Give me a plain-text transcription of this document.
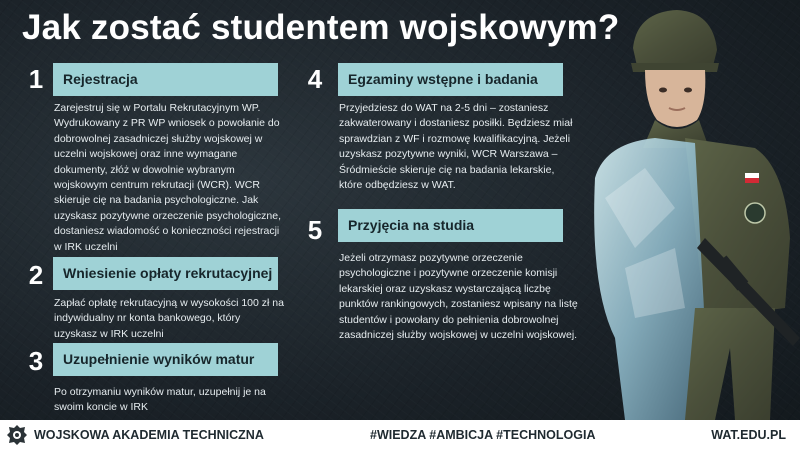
Jak zostać studentem wojskowym?
1	Rejestracja

Zarejestruj się w Portalu Rekrutacyjnym WP. Wydrukowany z PR WP wniosek o powołanie do dobrowolnej zasadniczej służby wojskowej w uczelni wojskowej oraz inne wymagane dokumenty, złóż w dowolnie wybranym wojskowym centrum rekrutacji (WCR). WCR skieruje cię na badania psychologiczne. Jak uzyskasz pozytywne orzeczenie psychologiczne, dostaniesz wiadomość o konieczności rejestracji w IRK uczelni

2	Wniesienie opłaty rekrutacyjnej

Zapłać opłatę rekrutacyjną w wysokości 100 zł na indywidualny nr konta bankowego, który uzyskasz w IRK uczelni

3	Uzupełnienie wyników matur

Po otrzymaniu wyników matur, uzupełnij je na swoim koncie w IRK

4	Egzaminy wstępne i badania

Przyjedziesz do WAT na 2-5 dni – zostaniesz zakwaterowany i dostaniesz posiłki. Będziesz miał sprawdzian z WF i rozmowę kwalifikacyjną. Jeżeli uzyskasz pozytywne wyniki, WCR Warszawa – Śródmieście skieruje cię na badania lekarskie, które odbędziesz w WAT.

5	Przyjęcia na studia

Jeżeli otrzymasz pozytywne orzeczenie psychologiczne i pozytywne orzeczenie komisji lekarskiej oraz uzyskasz wystarczającą liczbę punktów rankingowych, zostaniesz wpisany na listę studentów i powołany do pełnienia dobrowolnej zasadniczej służby wojskowej w uczelni wojskowej.

WOJSKOWA AKADEMIA TECHNICZNA	#WIEDZA #AMBICJA #TECHNOLOGIA	WAT.EDU.PL
